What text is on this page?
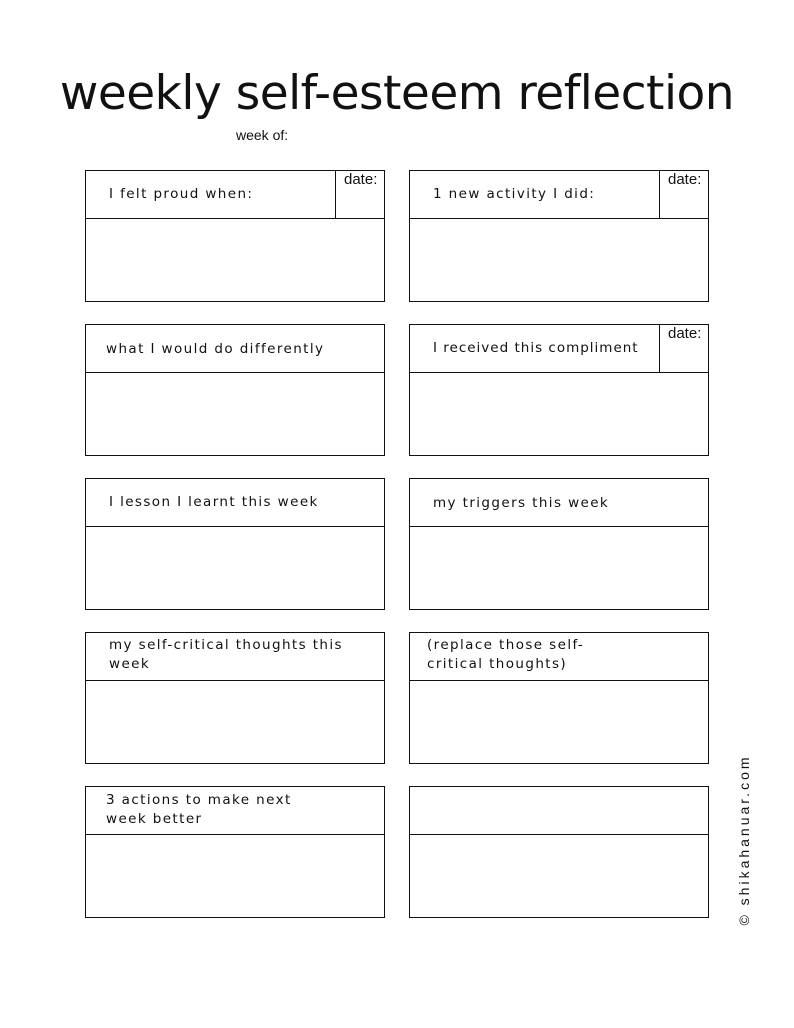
weekly self-esteem reflection
week of:
I felt proud when:
date:
1 new activity I did:
date:
what I would do differently	I received this compliment
date:
I lesson I learnt this week	my triggers this week
my self-critical thoughts this week
(replace those self-critical thoughts)
3 actions to make next week better	© shikahanuar.com
